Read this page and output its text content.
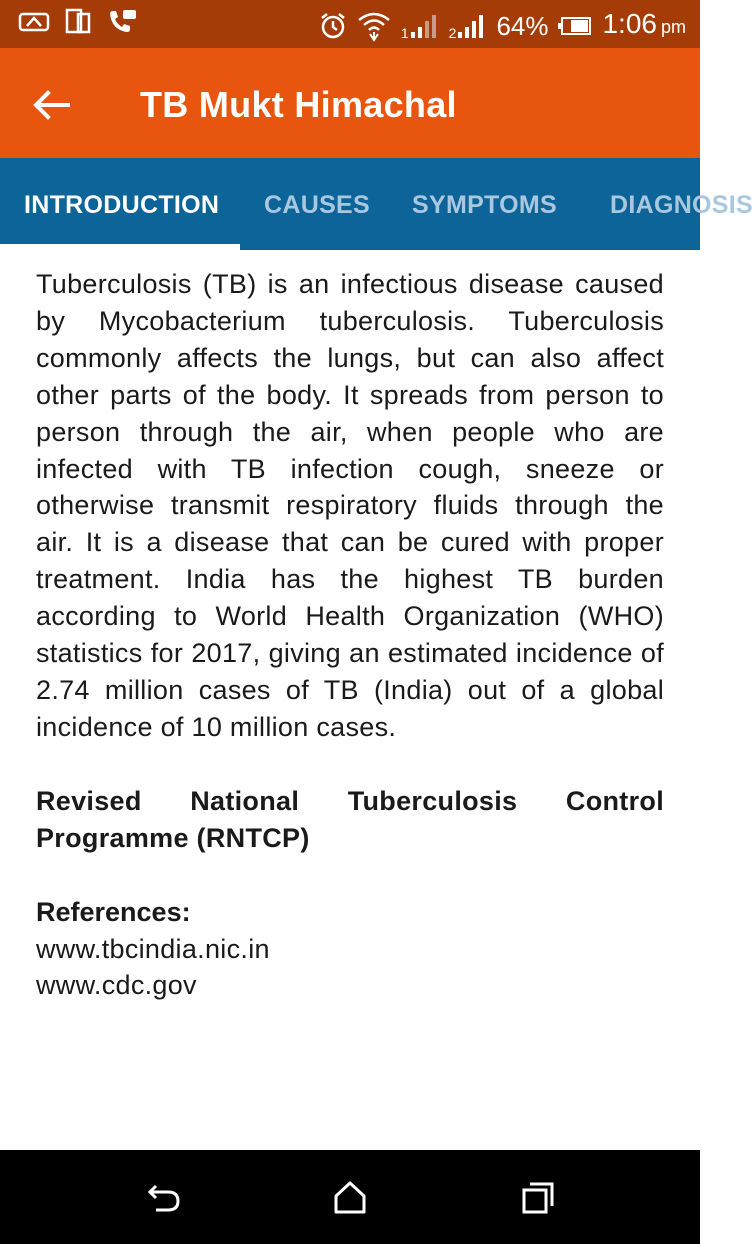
1	2 64% 1:06 pm
TB Mukt Himachal
INTRODUCTION CAUSES SYMPTOMS DIAGNOSIS

Tuberculosis (TB) is an infectious disease caused by Mycobacterium tuberculosis. Tuberculosis commonly affects the lungs, but can also affect other parts of the body. It spreads from person to person through the air, when people who are infected with TB infection cough, sneeze or otherwise transmit respiratory fluids through the air. It is a disease that can be cured with proper treatment. India has the highest TB burden according to World Health Organization (WHO) statistics for 2017, giving an estimated incidence of 2.74 million cases of TB (India) out of a global incidence of 10 million cases.

Revised National Tuberculosis Control Programme (RNTCP)

References:
www.tbcindia.nic.in
www.cdc.gov
